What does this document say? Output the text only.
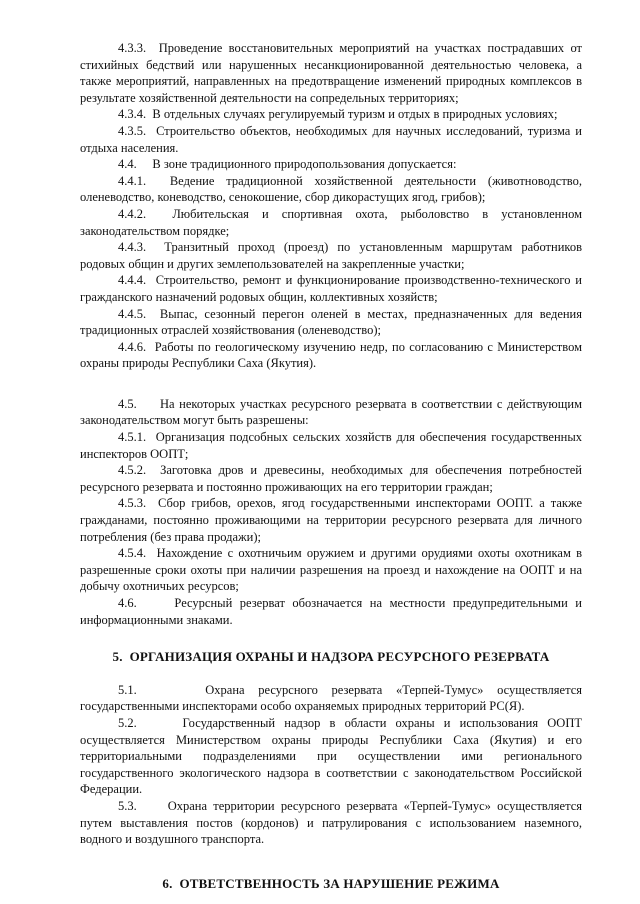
4.3.3.  Проведение восстановительных мероприятий на участках пострадавших от стихийных бедствий или нарушенных несанкционированной деятельностью человека, а также мероприятий, направленных на предотвращение изменений природных комплексов в результате хозяйственной деятельности на сопредельных территориях;

4.3.4.  В отдельных случаях регулируемый туризм и отдых в природных условиях;

4.3.5.  Строительство объектов, необходимых для научных исследований, туризма и отдыха населения.

4.4.     В зоне традиционного природопользования допускается:

4.4.1.  Ведение традиционной хозяйственной деятельности (животноводство, оленеводство, коневодство, сенокошение, сбор дикорастущих ягод, грибов);

4.4.2.  Любительская и спортивная охота, рыболовство в установленном законодательством порядке;

4.4.3.  Транзитный проход (проезд) по установленным маршрутам работников родовых общин и других землепользователей на закрепленные участки;

4.4.4.  Строительство, ремонт и функционирование производственно-технического и гражданского назначений родовых общин, коллективных хозяйств;

4.4.5.  Выпас, сезонный перегон оленей в местах, предназначенных для ведения традиционных отраслей хозяйствования (оленеводство);

4.4.6.  Работы по геологическому изучению недр, по согласованию с Министерством охраны природы Республики Саха (Якутия).

4.5.     На некоторых участках ресурсного резервата в соответствии с действующим законодательством могут быть разрешены:

4.5.1.  Организация подсобных сельских хозяйств для обеспечения государственных инспекторов ООПТ;

4.5.2.  Заготовка дров и древесины, необходимых для обеспечения потребностей ресурсного резервата и постоянно проживающих на его территории граждан;

4.5.3.  Сбор грибов, орехов, ягод государственными инспекторами ООПТ. а также гражданами, постоянно проживающими на территории ресурсного резервата для личного потребления (без права продажи);

4.5.4.  Нахождение с охотничьим оружием и другими орудиями охоты охотникам в разрешенные сроки охоты при наличии разрешения на проезд и нахождение на ООПТ и на добычу охотничьих ресурсов;

4.6.     Ресурсный резерват обозначается на местности предупредительными и информационными знаками.

5.  ОРГАНИЗАЦИЯ ОХРАНЫ И НАДЗОРА РЕСУРСНОГО РЕЗЕРВАТА

5.1.     Охрана ресурсного резервата «Терпей-Тумус» осуществляется государственными инспекторами особо охраняемых природных территорий РС(Я).

5.2.     Государственный надзор в области охраны и использования ООПТ осуществляется Министерством охраны природы Республики Саха (Якутия) и его территориальными подразделениями при осуществлении ими регионального государственного экологического надзора в соответствии с законодательством Российской Федерации.

5.3.     Охрана территории ресурсного резервата «Терпей-Тумус» осуществляется путем выставления постов (кордонов) и патрулирования с использованием наземного, водного и воздушного транспорта.

6.  ОТВЕТСТВЕННОСТЬ ЗА НАРУШЕНИЕ РЕЖИМА
